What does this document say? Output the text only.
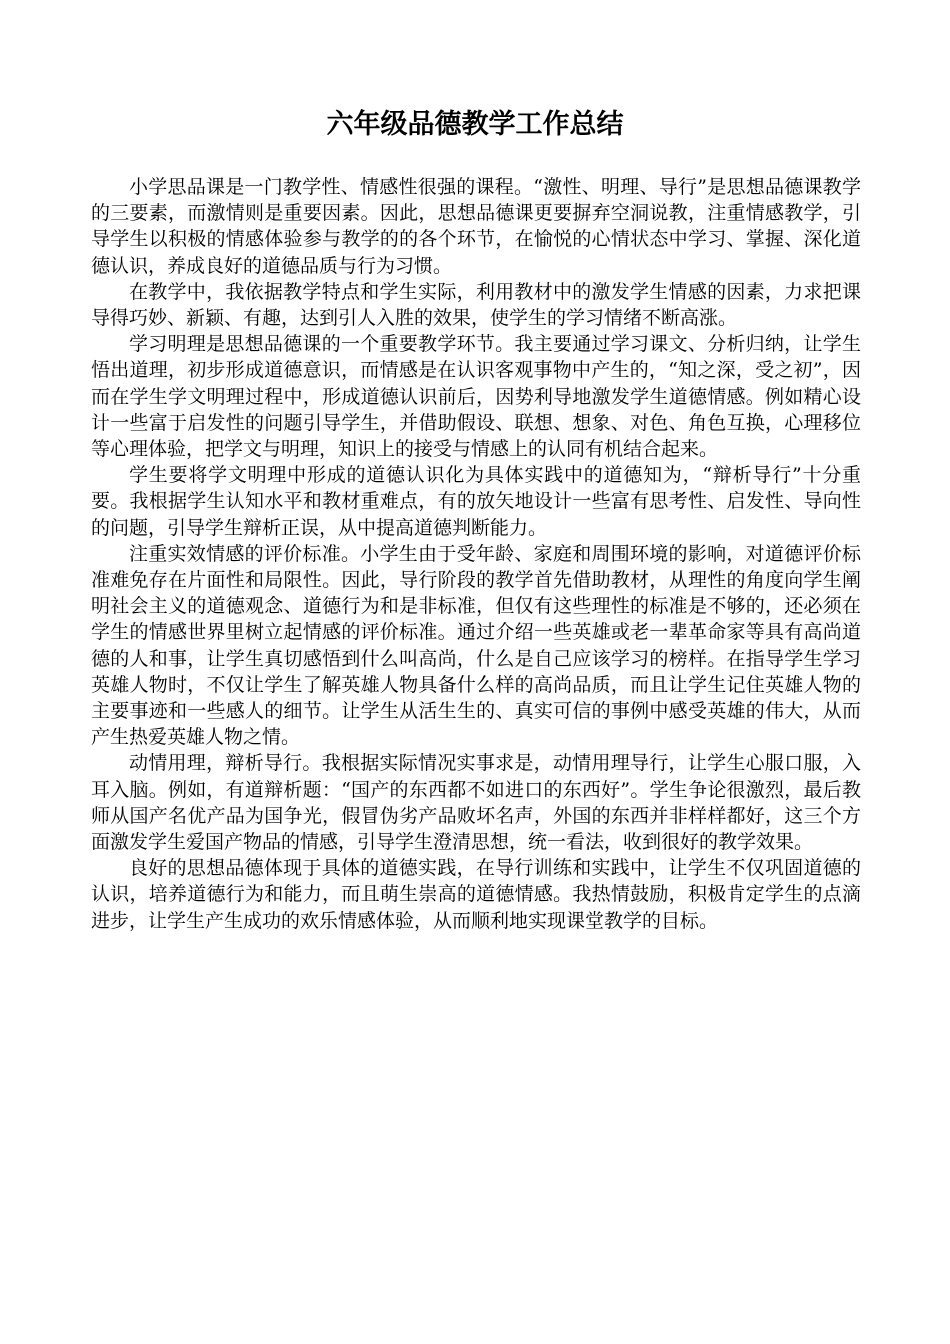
六年级品德教学工作总结

小学思品课是一门教学性、情感性很强的课程。“激性、明理、导行”是思想品德课教学的三要素，而激情则是重要因素。因此，思想品德课更要摒弃空洞说教，注重情感教学，引导学生以积极的情感体验参与教学的的各个环节，在愉悦的心情状态中学习、掌握、深化道德认识，养成良好的道德品质与行为习惯。

在教学中，我依据教学特点和学生实际，利用教材中的激发学生情感的因素，力求把课导得巧妙、新颖、有趣，达到引人入胜的效果，使学生的学习情绪不断高涨。

学习明理是思想品德课的一个重要教学环节。我主要通过学习课文、分析归纳，让学生悟出道理，初步形成道德意识，而情感是在认识客观事物中产生的，“知之深，受之初”，因而在学生学文明理过程中，形成道德认识前后，因势利导地激发学生道德情感。例如精心设计一些富于启发性的问题引导学生，并借助假设、联想、想象、对色、角色互换，心理移位等心理体验，把学文与明理，知识上的接受与情感上的认同有机结合起来。

学生要将学文明理中形成的道德认识化为具体实践中的道德知为，“辩析导行”十分重要。我根据学生认知水平和教材重难点，有的放矢地设计一些富有思考性、启发性、导向性的问题，引导学生辩析正误，从中提高道德判断能力。

注重实效情感的评价标准。小学生由于受年龄、家庭和周围环境的影响，对道德评价标准难免存在片面性和局限性。因此，导行阶段的教学首先借助教材，从理性的角度向学生阐明社会主义的道德观念、道德行为和是非标准，但仅有这些理性的标准是不够的，还必须在学生的情感世界里树立起情感的评价标准。通过介绍一些英雄或老一辈革命家等具有高尚道德的人和事，让学生真切感悟到什么叫高尚，什么是自己应该学习的榜样。在指导学生学习英雄人物时，不仅让学生了解英雄人物具备什么样的高尚品质，而且让学生记住英雄人物的主要事迹和一些感人的细节。让学生从活生生的、真实可信的事例中感受英雄的伟大，从而产生热爱英雄人物之情。

动情用理，辩析导行。我根据实际情况实事求是，动情用理导行，让学生心服口服，入耳入脑。例如，有道辩析题：“国产的东西都不如进口的东西好”。学生争论很激烈，最后教师从国产名优产品为国争光，假冒伪劣产品败坏名声，外国的东西并非样样都好，这三个方面激发学生爱国产物品的情感，引导学生澄清思想，统一看法，收到很好的教学效果。

良好的思想品德体现于具体的道德实践，在导行训练和实践中，让学生不仅巩固道德的认识，培养道德行为和能力，而且萌生崇高的道德情感。我热情鼓励，积极肯定学生的点滴进步，让学生产生成功的欢乐情感体验，从而顺利地实现课堂教学的目标。
